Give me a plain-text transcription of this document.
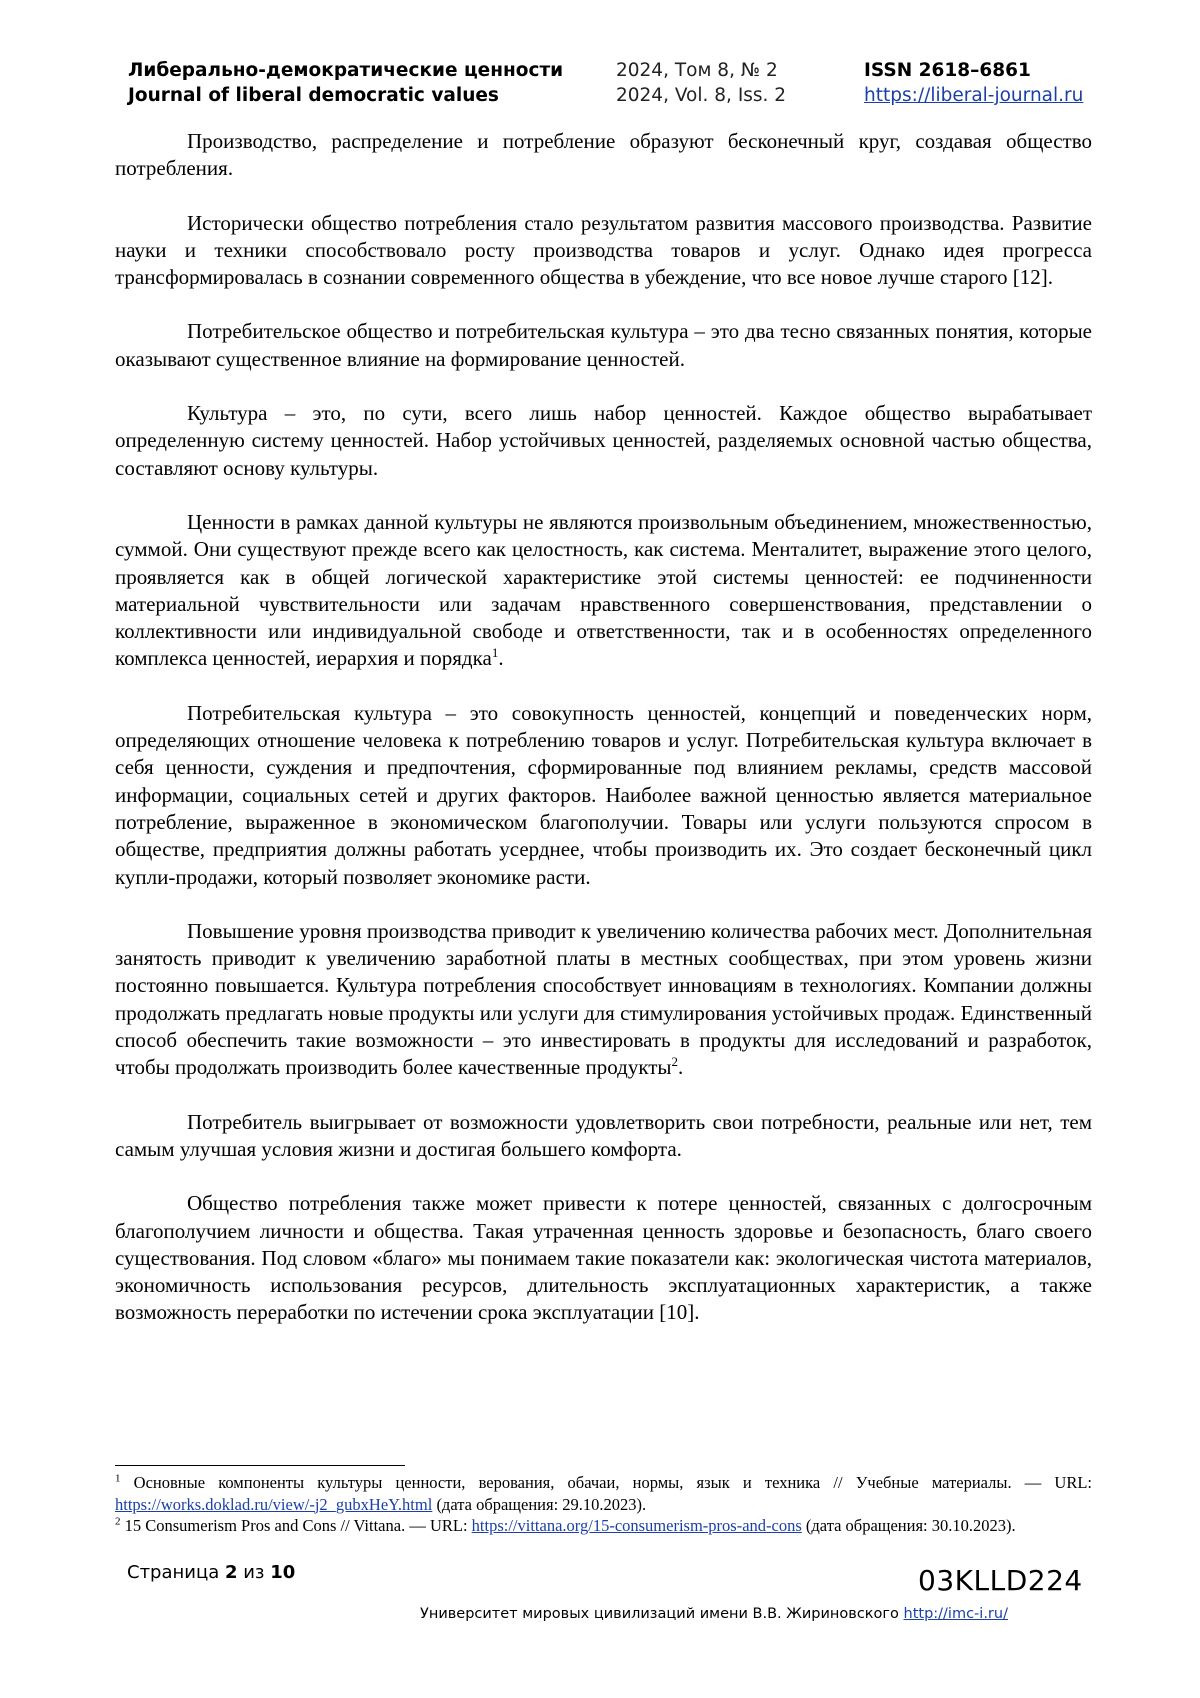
Либерально-демократические ценности
Journal of liberal democratic values
2024, Том 8, № 2
2024, Vol. 8, Iss. 2
ISSN 2618–6861
https://liberal-journal.ru

Производство, распределение и потребление образуют бесконечный круг, создавая общество потребления.

Исторически общество потребления стало результатом развития массового производства. Развитие науки и техники способствовало росту производства товаров и услуг. Однако идея прогресса трансформировалась в сознании современного общества в убеждение, что все новое лучше старого [12].

Потребительское общество и потребительская культура – это два тесно связанных понятия, которые оказывают существенное влияние на формирование ценностей.

Культура – это, по сути, всего лишь набор ценностей. Каждое общество вырабатывает определенную систему ценностей. Набор устойчивых ценностей, разделяемых основной частью общества, составляют основу культуры.

Ценности в рамках данной культуры не являются произвольным объединением, множественностью, суммой. Они существуют прежде всего как целостность, как система. Менталитет, выражение этого целого, проявляется как в общей логической характеристике этой системы ценностей: ее подчиненности материальной чувствительности или задачам нравственного совершенствования, представлении о коллективности или индивидуальной свободе и ответственности, так и в особенностях определенного комплекса ценностей, иерархия и порядка$^1$.

Потребительская культура – это совокупность ценностей, концепций и поведенческих норм, определяющих отношение человека к потреблению товаров и услуг. Потребительская культура включает в себя ценности, суждения и предпочтения, сформированные под влиянием рекламы, средств массовой информации, социальных сетей и других факторов. Наиболее важной ценностью является материальное потребление, выраженное в экономическом благополучии. Товары или услуги пользуются спросом в обществе, предприятия должны работать усерднее, чтобы производить их. Это создает бесконечный цикл купли-продажи, который позволяет экономике расти.

Повышение уровня производства приводит к увеличению количества рабочих мест. Дополнительная занятость приводит к увеличению заработной платы в местных сообществах, при этом уровень жизни постоянно повышается. Культура потребления способствует инновациям в технологиях. Компании должны продолжать предлагать новые продукты или услуги для стимулирования устойчивых продаж. Единственный способ обеспечить такие возможности – это инвестировать в продукты для исследований и разработок, чтобы продолжать производить более качественные продукты$^2$.

Потребитель выигрывает от возможности удовлетворить свои потребности, реальные или нет, тем самым улучшая условия жизни и достигая большего комфорта.

Общество потребления также может привести к потере ценностей, связанных с долгосрочным благополучием личности и общества. Такая утраченная ценность здоровье и безопасность, благо своего существования. Под словом «благо» мы понимаем такие показатели как: экологическая чистота материалов, экономичность использования ресурсов, длительность эксплуатационных характеристик, а также возможность переработки по истечении срока эксплуатации [10].

$^1$ Основные компоненты культуры ценности, верования, обачаи, нормы, язык и техника // Учебные материалы. — URL: https://works.doklad.ru/view/-j2_gubxHeY.html (дата обращения: 29.10.2023).

$^2$ 15 Consumerism Pros and Cons // Vittana. — URL: https://vittana.org/15-consumerism-pros-and-cons (дата обращения: 30.10.2023).

Страница 2 из 10	03KLLD224
Университет мировых цивилизаций имени В.В. Жириновского http://imc-i.ru/
